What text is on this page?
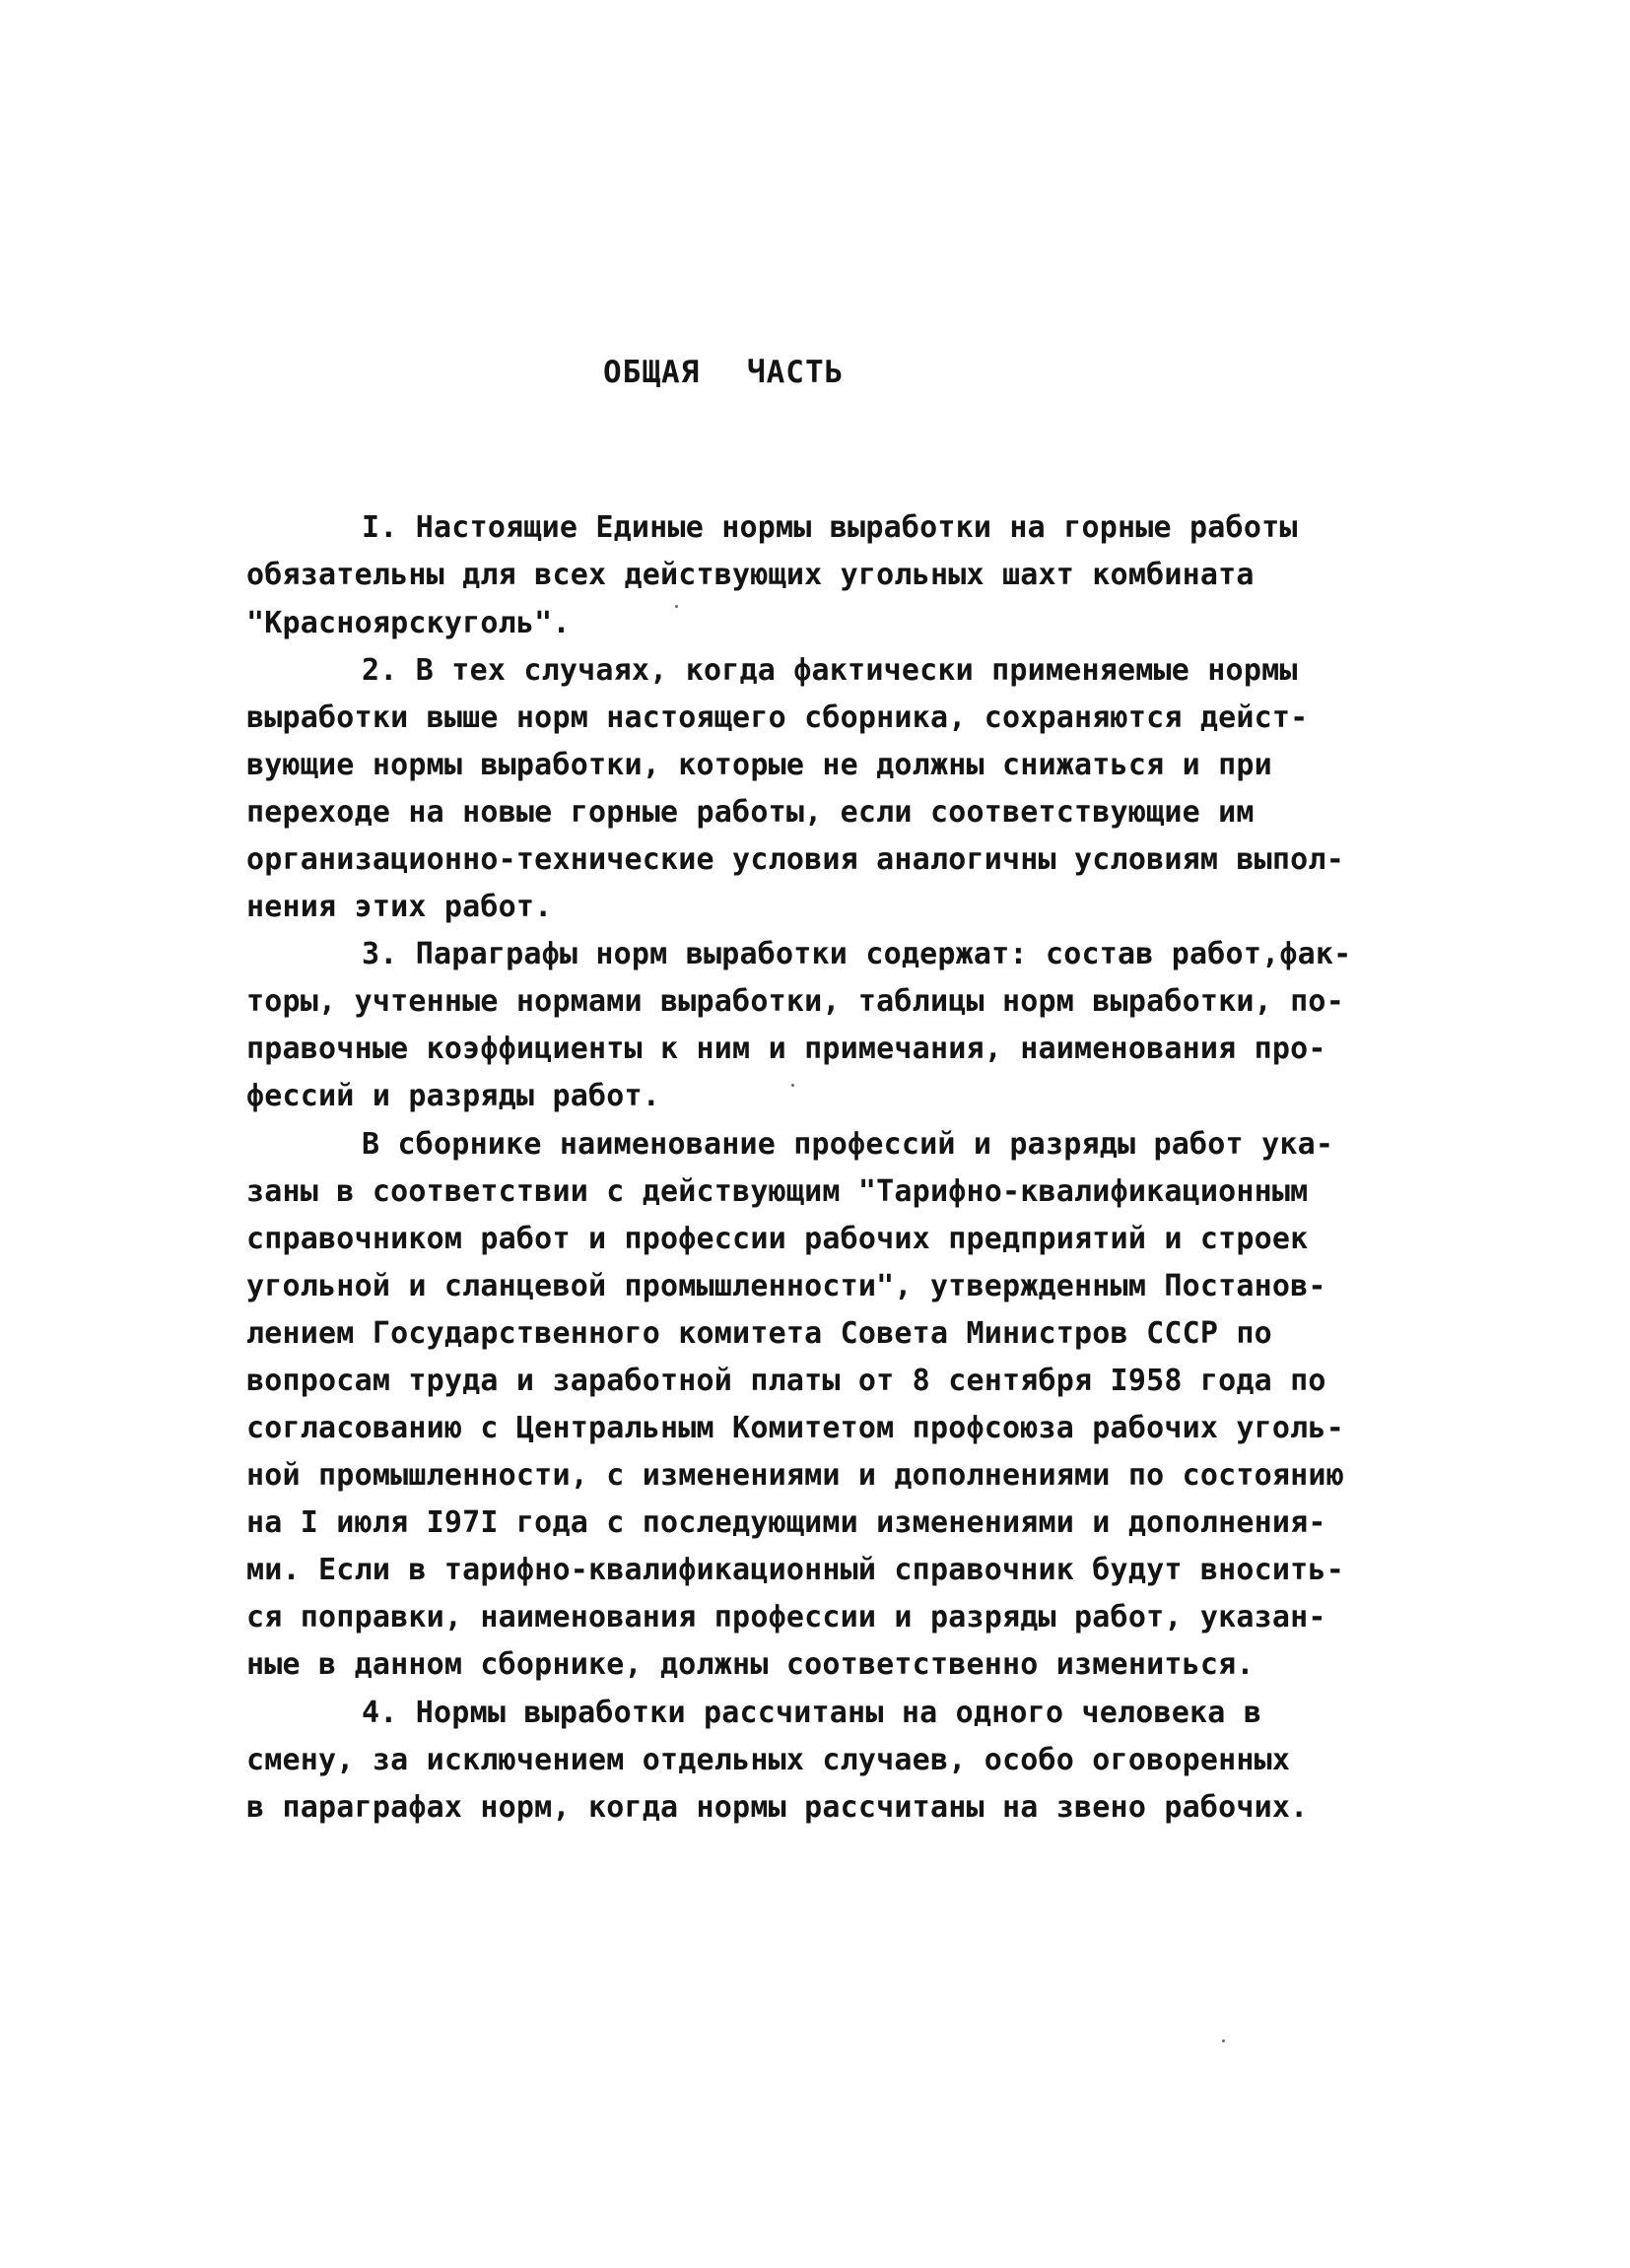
ОБЩАЯ ЧАСТЬ
I. Настоящие Единые нормы выработки на горные работы
обязательны для всех действующих угольных шахт комбината
"Красноярскуголь".
2. В тех случаях, когда фактически применяемые нормы
выработки выше норм настоящего сборника, сохраняются дейст-
вующие нормы выработки, которые не должны снижаться и при
переходе на новые горные работы, если соответствующие им
организационно-технические условия аналогичны условиям выпол-
нения этих работ.
3. Параграфы норм выработки содержат: состав работ,фак-
торы, учтенные нормами выработки, таблицы норм выработки, по-
правочные коэффициенты к ним и примечания, наименования про-
фессий и разряды работ.
В сборнике наименование профессий и разряды работ ука-
заны в соответствии с действующим "Тарифно-квалификационным
справочником работ и профессии рабочих предприятий и строек
угольной и сланцевой промышленности", утвержденным Постанов-
лением Государственного комитета Совета Министров СССР по
вопросам труда и заработной платы от 8 сентября I958 года по
согласованию с Центральным Комитетом профсоюза рабочих уголь-
ной промышленности, с изменениями и дополнениями по состоянию
на I июля I97I года с последующими изменениями и дополнения-
ми. Если в тарифно-квалификационный справочник будут вносить-
ся поправки, наименования профессии и разряды работ, указан-
ные в данном сборнике, должны соответственно измениться.
4. Нормы выработки рассчитаны на одного человека в
смену, за исключением отдельных случаев, особо оговоренных
в параграфах норм, когда нормы рассчитаны на звено рабочих.
